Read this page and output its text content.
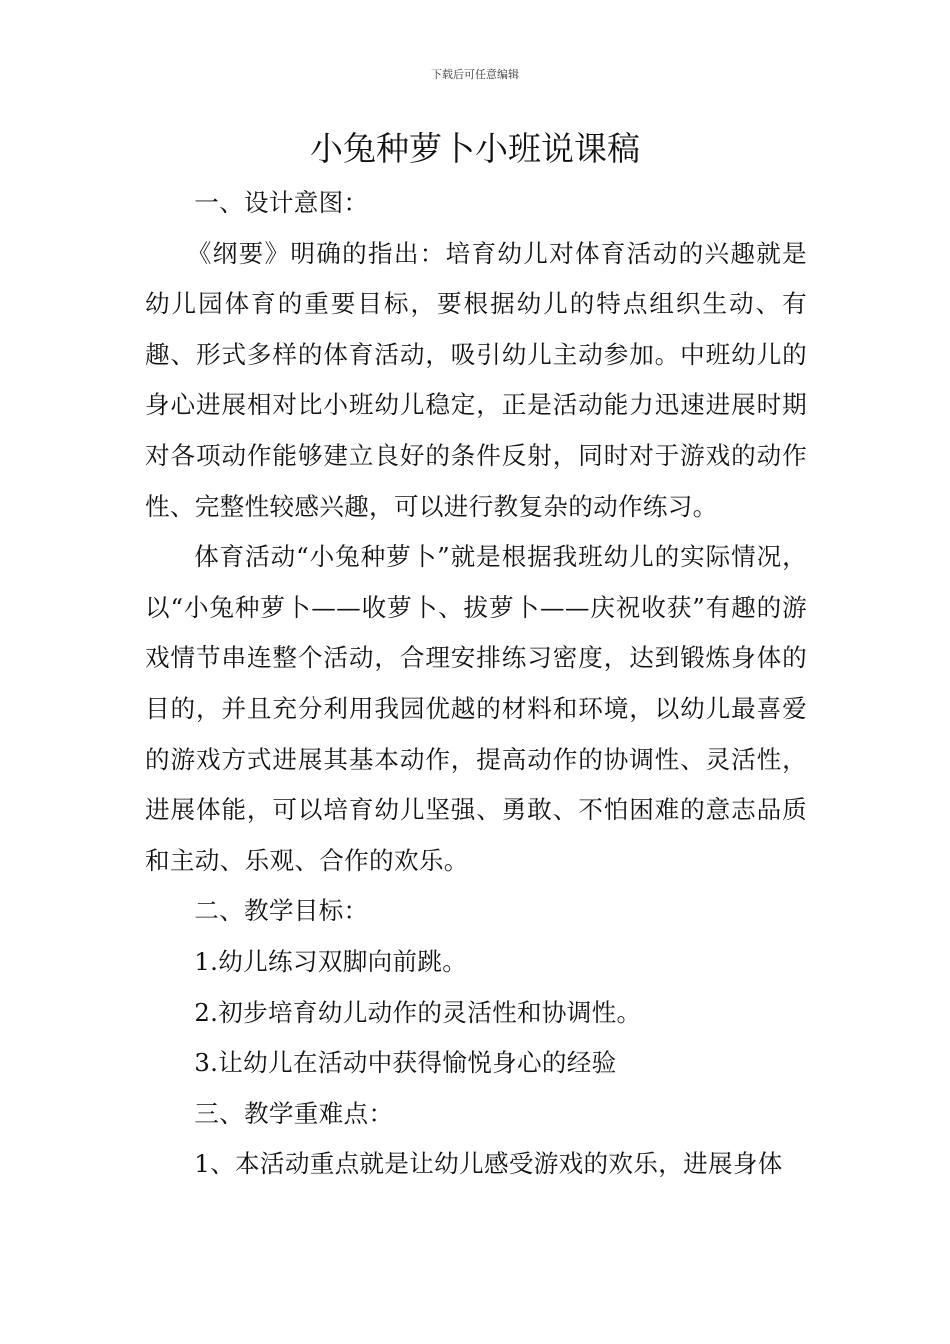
下载后可任意编辑
小兔种萝卜小班说课稿

一、设计意图：

《纲要》明确的指出：培育幼儿对体育活动的兴趣就是幼儿园体育的重要目标，要根据幼儿的特点组织生动、有趣、形式多样的体育活动，吸引幼儿主动参加。中班幼儿的身心进展相对比小班幼儿稳定，正是活动能力迅速进展时期对各项动作能够建立良好的条件反射，同时对于游戏的动作性、完整性较感兴趣，可以进行教复杂的动作练习。

体育活动“小兔种萝卜”就是根据我班幼儿的实际情况，以“小兔种萝卜——收萝卜、拔萝卜——庆祝收获”有趣的游戏情节串连整个活动，合理安排练习密度，达到锻炼身体的目的，并且充分利用我园优越的材料和环境，以幼儿最喜爱的游戏方式进展其基本动作，提高动作的协调性、灵活性，进展体能，可以培育幼儿坚强、勇敢、不怕困难的意志品质和主动、乐观、合作的欢乐。

二、教学目标：

1.幼儿练习双脚向前跳。

2.初步培育幼儿动作的灵活性和协调性。

3.让幼儿在活动中获得愉悦身心的经验

三、教学重难点：

1、本活动重点就是让幼儿感受游戏的欢乐，进展身体
